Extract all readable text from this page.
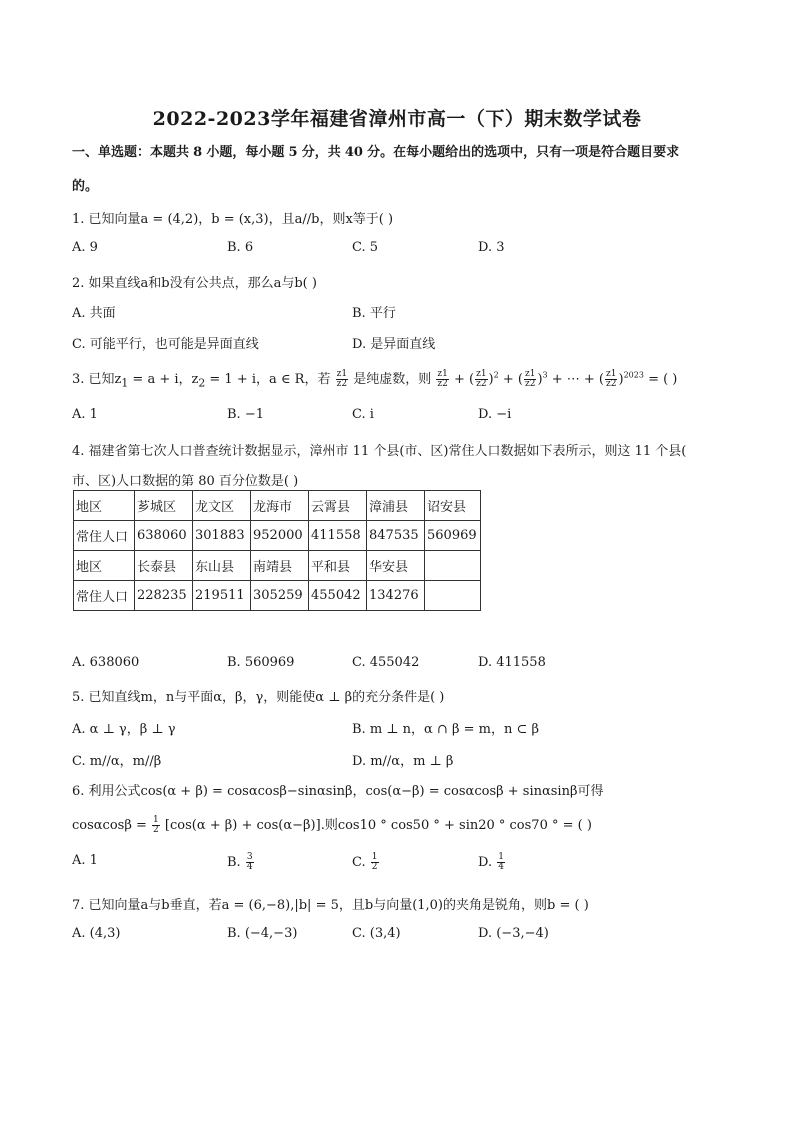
2022-2023学年福建省漳州市高一（下）期末数学试卷
一、单选题：本题共 8 小题，每小题 5 分，共 40 分。在每小题给出的选项中，只有一项是符合题目要求
的。
1. 已知向量a = (4,2)，b = (x,3)，且a//b，则x等于( )
A. 9	B. 6	C. 5	D. 3
2. 如果直线a和b没有公共点，那么a与b( )
A. 共面	B. 平行
C. 可能平行，也可能是异面直线	D. 是异面直线
3. 已知$z_1 = a + i$，$z_2 = 1 + i$，a ∈ R，若 $\frac{z1}{z2}$ 是纯虚数，则 $\frac{z1}{z2}$ + ( $\frac{z1}{z2} )^2$ + ( $\frac{z1}{z2} )^3$ + ⋯ + ( $\frac{z1}{z2} )^{2023}$ = ( )
A. 1	B. −1	C. i	D. −i
4. 福建省第七次人口普查统计数据显示，漳州市 11 个县(市、区)常住人口数据如下表所示，则这 11 个县(
市、区)人口数据的第 80 百分位数是( )
地区	芗城区	龙文区	龙海市	云霄县	漳浦县	诏安县
常住人口	638060	301883	952000	411558	847535	560969
地区	长泰县	东山县	南靖县	平和县	华安县	
常住人口	228235	219511	305259	455042	134276	
A. 638060	B. 560969	C. 455042	D. 411558
5. 已知直线m，n与平面α，β，γ，则能使α ⊥ β的充分条件是( )
A. α ⊥ γ，β ⊥ γ	B. m ⊥ n，α ∩ β = m，n ⊂ β
C. m//α，m//β	D. m//α，m ⊥ β
6. 利用公式cos(α + β) = cosαcosβ−sinαsinβ，cos(α−β) = cosαcosβ + sinαsinβ可得
$\cos\alpha\cos\beta = \frac{1}{2} [\cos(\alpha + \beta) + \cos(\alpha-\beta)]$.则cos10 ° cos50 ° + sin20 ° cos70 ° = ( )
A. 1	B. $\frac{3}{4}$	C. $\frac{1}{2}$	D. $\frac{1}{4}$
7. 已知向量a与b垂直，若a = (6,−8),|b| = 5，且b与向量(1,0)的夹角是锐角，则b = ( )
A. (4,3)	B. (−4,−3)	C. (3,4)	D. (−3,−4)
